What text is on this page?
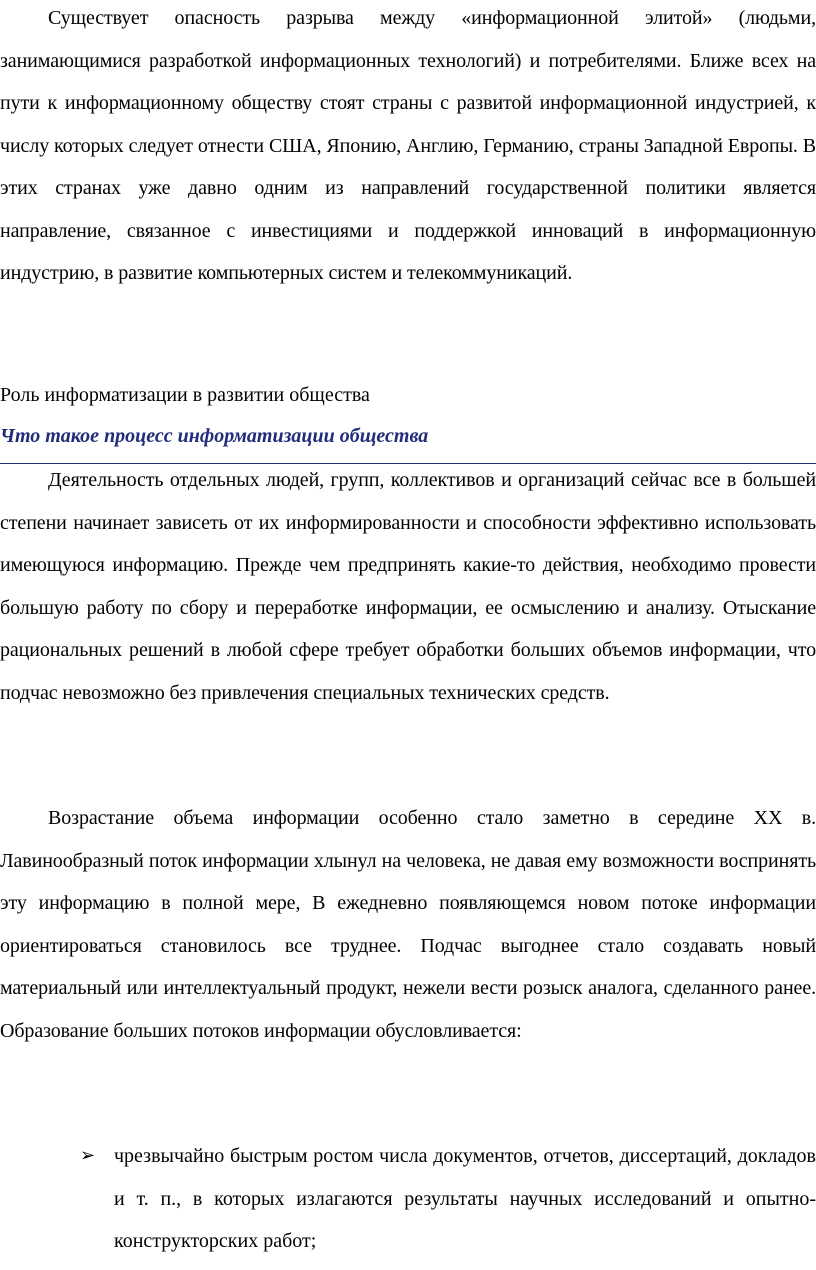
Существует опасность разрыва между «информационной элитой» (людьми, занимающимися разработкой информационных технологий) и потребителями. Ближе всех на пути к информационному обществу стоят страны с развитой информационной индустрией, к числу которых следует отнести США, Японию, Англию, Германию, страны Западной Европы. В этих странах уже давно одним из направлений государственной политики является направление, связанное с инвестициями и поддержкой инноваций в информационную индустрию, в развитие компьютерных систем и телекоммуникаций.

Роль информатизации в развитии общества

Что такое процесс информатизации общества

Деятельность отдельных людей, групп, коллективов и организаций сейчас все в большей степени начинает зависеть от их информированности и способности эффективно использовать имеющуюся информацию. Прежде чем предпринять какие-то действия, необходимо провести большую работу по сбору и переработке информации, ее осмыслению и анализу. Отыскание рациональных решений в любой сфере требует обработки больших объемов информации, что подчас невозможно без привлечения специальных технических средств.

Возрастание объема информации особенно стало заметно в середине XX в. Лавинообразный поток информации хлынул на человека, не давая ему возможности воспринять эту информацию в полной мере, В ежедневно появляющемся новом потоке информации ориентироваться становилось все труднее. Подчас выгоднее стало создавать новый материальный или интеллектуальный продукт, нежели вести розыск аналога, сделанного ранее. Образование больших потоков информации обусловливается:

➢ чрезвычайно быстрым ростом числа документов, отчетов, диссертаций, докладов и т. п., в которых излагаются результаты научных исследований и опытно-конструкторских работ;
